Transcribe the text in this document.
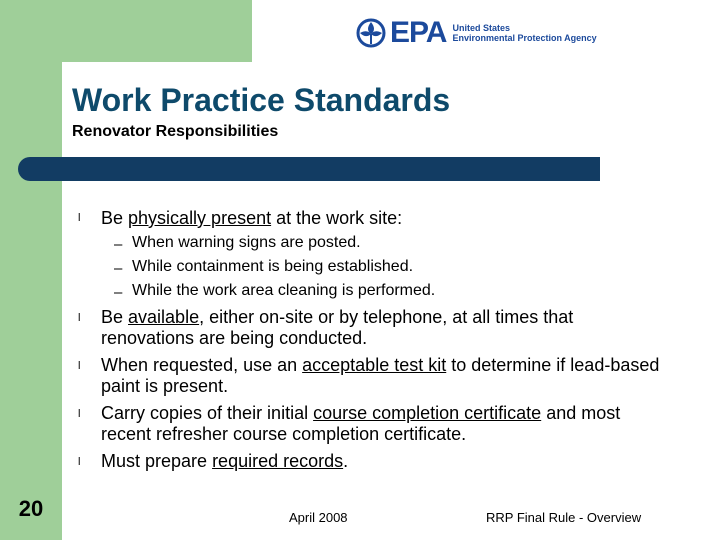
20
EPA United States
Environmental Protection Agency
Work Practice Standards
Renovator Responsibilities
l Be physically present at the work site:
– When warning signs are posted.
– While containment is being established.
– While the work area cleaning is performed.
l Be available, either on-site or by telephone, at all times that renovations are being conducted.
l When requested, use an acceptable test kit to determine if lead-based paint is present.
l Carry copies of their initial course completion certificate and most recent refresher course completion certificate.
l Must prepare required records.
April 2008	RRP Final Rule - Overview
